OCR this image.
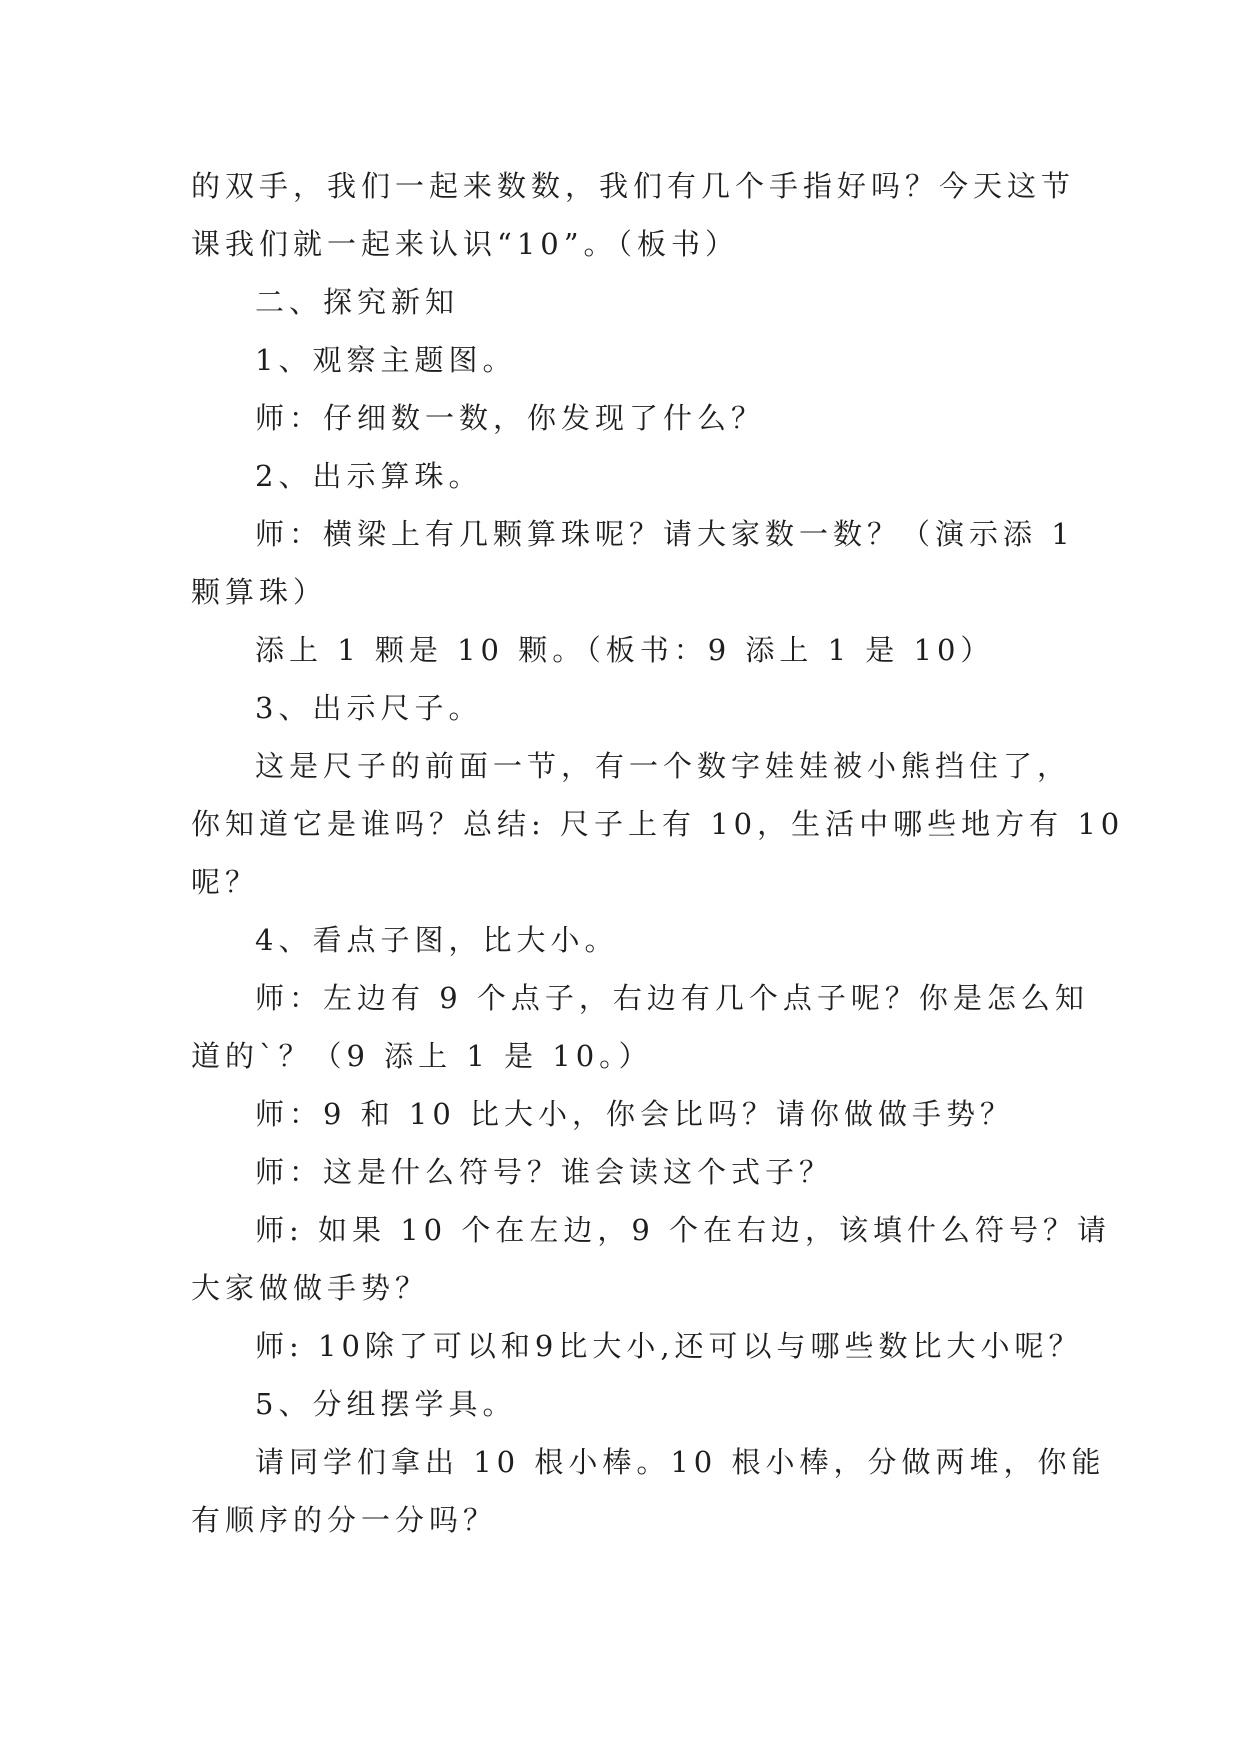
的双手，我们一起来数数，我们有几个手指好吗？今天这节
课我们就一起来认识“10”。（板书）
二、探究新知
1、观察主题图。
师：仔细数一数，你发现了什么？
2、出示算珠。
师：横梁上有几颗算珠呢？请大家数一数？（演示添 1
颗算珠）
添上 1 颗是 10 颗。（板书：9 添上 1 是 10）
3、出示尺子。
这是尺子的前面一节，有一个数字娃娃被小熊挡住了，
你知道它是谁吗？总结: 尺子上有 10，生活中哪些地方有 10
呢？
4、看点子图，比大小。
师：左边有 9 个点子，右边有几个点子呢？你是怎么知
道的`？（9 添上 1 是 10。）
师：9 和 10 比大小，你会比吗？请你做做手势？
师：这是什么符号？谁会读这个式子？
师: 如果 10 个在左边，9 个在右边，该填什么符号？请
大家做做手势？
师: 10除了可以和9比大小,还可以与哪些数比大小呢？
5、分组摆学具。
请同学们拿出 10 根小棒。10 根小棒，分做两堆，你能
有顺序的分一分吗？
